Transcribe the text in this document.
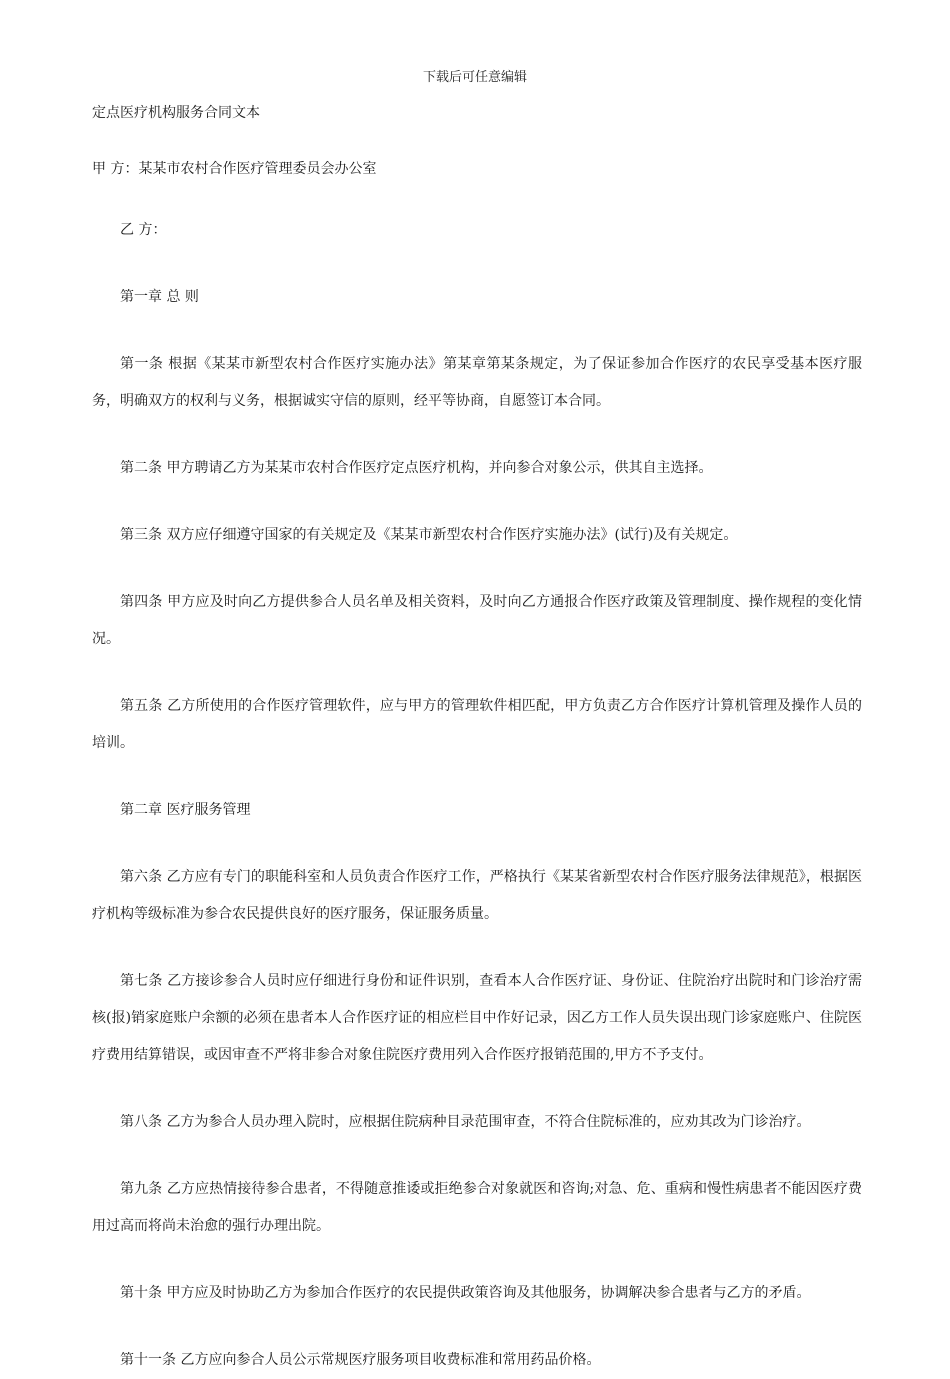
下载后可任意编辑

定点医疗机构服务合同文本

甲 方：某某市农村合作医疗管理委员会办公室

乙 方：

第一章 总 则

第一条 根据《某某市新型农村合作医疗实施办法》第某章第某条规定，为了保证参加合作医疗的农民享受基本医疗服务，明确双方的权利与义务，根据诚实守信的原则，经平等协商，自愿签订本合同。

第二条 甲方聘请乙方为某某市农村合作医疗定点医疗机构，并向参合对象公示，供其自主选择。

第三条 双方应仔细遵守国家的有关规定及《某某市新型农村合作医疗实施办法》(试行)及有关规定。

第四条 甲方应及时向乙方提供参合人员名单及相关资料，及时向乙方通报合作医疗政策及管理制度、操作规程的变化情况。

第五条 乙方所使用的合作医疗管理软件，应与甲方的管理软件相匹配，甲方负责乙方合作医疗计算机管理及操作人员的培训。

第二章 医疗服务管理

第六条 乙方应有专门的职能科室和人员负责合作医疗工作，严格执行《某某省新型农村合作医疗服务法律规范》，根据医疗机构等级标准为参合农民提供良好的医疗服务，保证服务质量。

第七条 乙方接诊参合人员时应仔细进行身份和证件识别，查看本人合作医疗证、身份证、住院治疗出院时和门诊治疗需核(报)销家庭账户余额的必须在患者本人合作医疗证的相应栏目中作好记录，因乙方工作人员失误出现门诊家庭账户、住院医疗费用结算错误，或因审查不严将非参合对象住院医疗费用列入合作医疗报销范围的,甲方不予支付。

第八条 乙方为参合人员办理入院时，应根据住院病种目录范围审查，不符合住院标准的，应劝其改为门诊治疗。

第九条 乙方应热情接待参合患者，不得随意推诿或拒绝参合对象就医和咨询;对急、危、重病和慢性病患者不能因医疗费用过高而将尚未治愈的强行办理出院。

第十条 甲方应及时协助乙方为参加合作医疗的农民提供政策咨询及其他服务，协调解决参合患者与乙方的矛盾。

第十一条 乙方应向参合人员公示常规医疗服务项目收费标准和常用药品价格。
